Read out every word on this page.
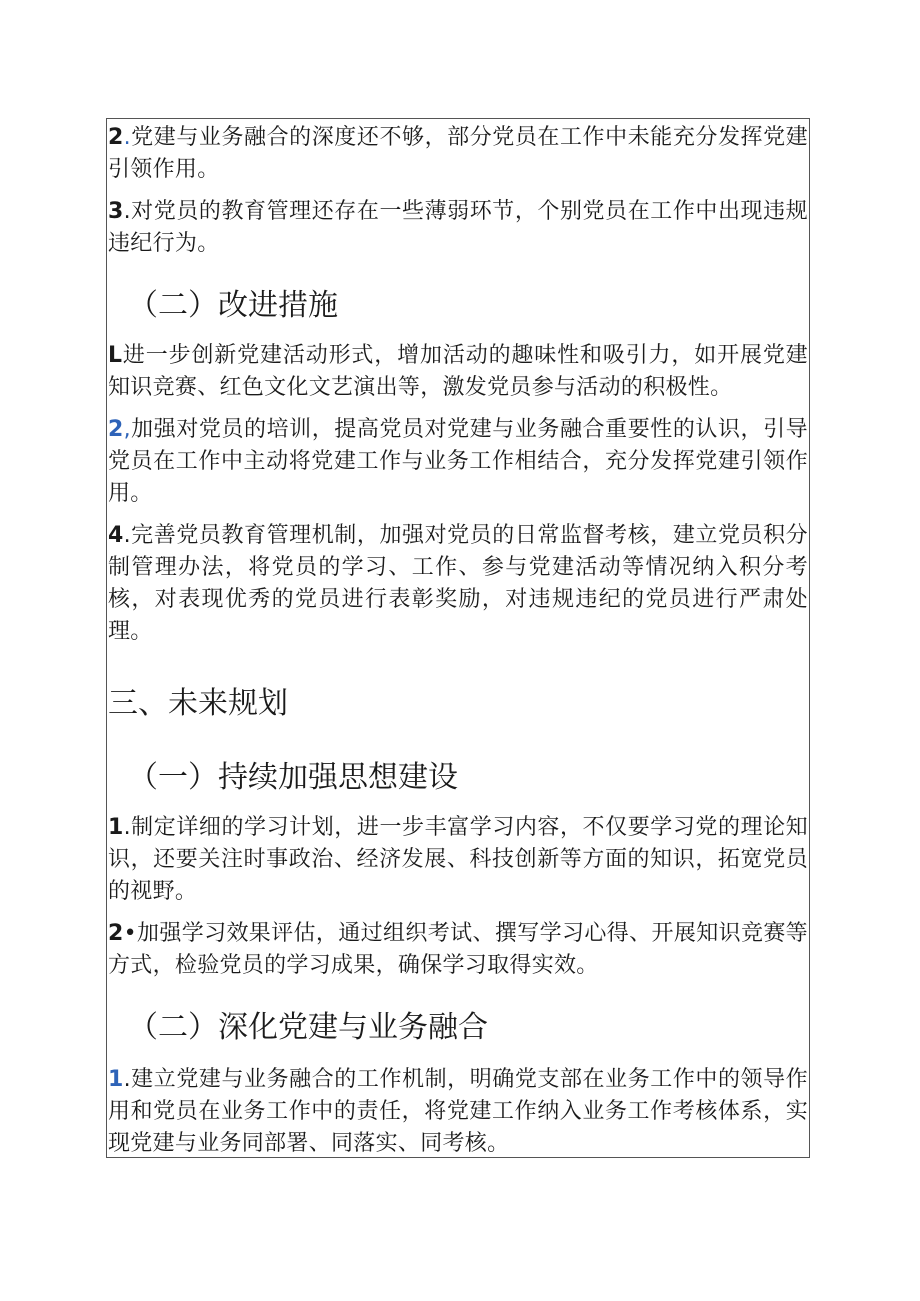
2.党建与业务融合的深度还不够，部分党员在工作中未能充分发挥党建引领作用。

3.对党员的教育管理还存在一些薄弱环节，个别党员在工作中出现违规违纪行为。

（二）改进措施

L进一步创新党建活动形式，增加活动的趣味性和吸引力，如开展党建知识竞赛、红色文化文艺演出等，激发党员参与活动的积极性。

2,加强对党员的培训，提高党员对党建与业务融合重要性的认识，引导党员在工作中主动将党建工作与业务工作相结合，充分发挥党建引领作用。

4.完善党员教育管理机制，加强对党员的日常监督考核，建立党员积分制管理办法，将党员的学习、工作、参与党建活动等情况纳入积分考核，对表现优秀的党员进行表彰奖励，对违规违纪的党员进行严肃处理。

三、未来规划
（一）持续加强思想建设

1.制定详细的学习计划，进一步丰富学习内容，不仅要学习党的理论知识，还要关注时事政治、经济发展、科技创新等方面的知识，拓宽党员的视野。

2•加强学习效果评估，通过组织考试、撰写学习心得、开展知识竞赛等方式，检验党员的学习成果，确保学习取得实效。

（二）深化党建与业务融合

1.建立党建与业务融合的工作机制，明确党支部在业务工作中的领导作用和党员在业务工作中的责任，将党建工作纳入业务工作考核体系，实现党建与业务同部署、同落实、同考核。
